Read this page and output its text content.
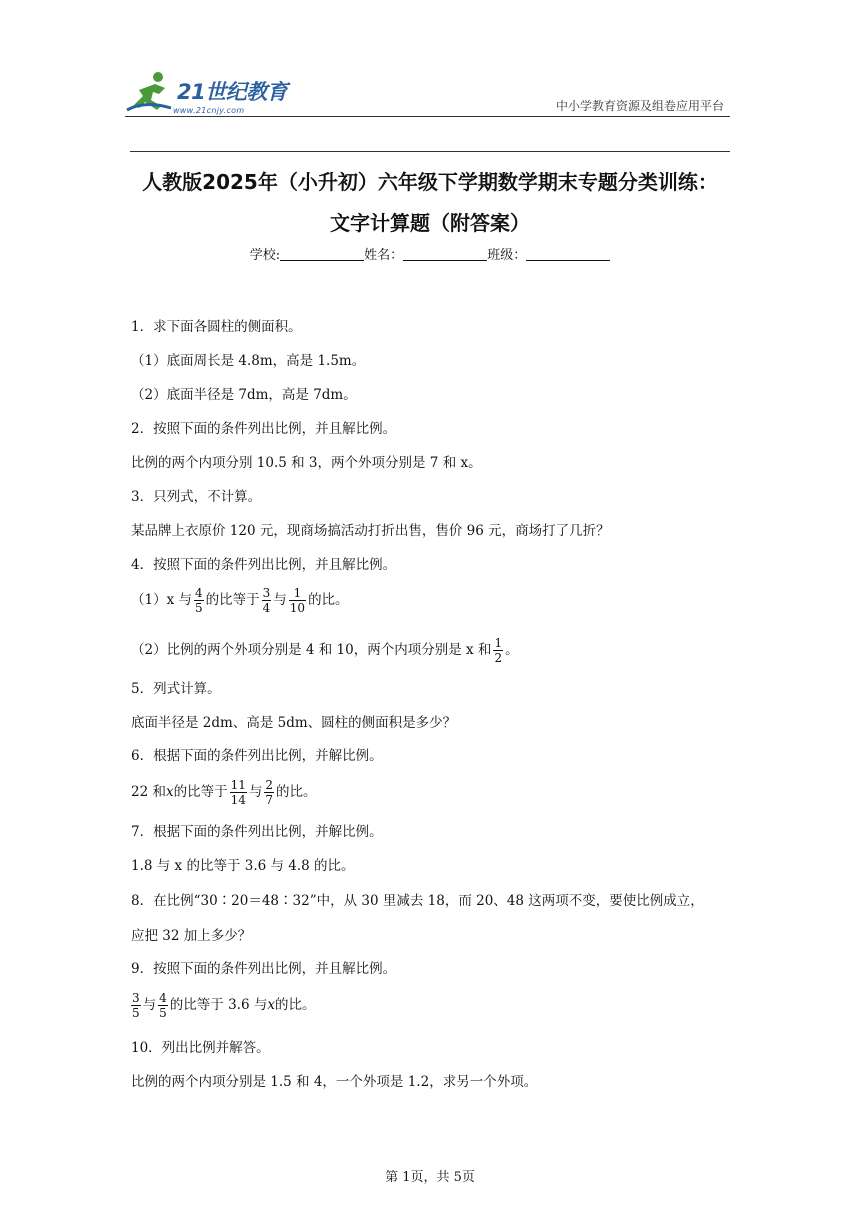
21世纪教育
www.21cnjy.com	中小学教育资源及组卷应用平台
人教版2025年（小升初）六年级下学期数学期末专题分类训练：
文字计算题（附答案）
学校:	姓名：	班级：
1．求下面各圆柱的侧面积。
（1）底面周长是 4.8m，高是 1.5m。
（2）底面半径是 7dm，高是 7dm。
2．按照下面的条件列出比例，并且解比例。
比例的两个内项分别 10.5 和 3，两个外项分别是 7 和 x。
3．只列式，不计算。
某品牌上衣原价 120 元，现商场搞活动打折出售，售价 96 元，商场打了几折？
4．按照下面的条件列出比例，并且解比例。
（1）x 与 $\frac{4}{5}$ 的比等于 $\frac{3}{4}$ 与 $\frac{1}{10}$ 的比。
（2）比例的两个外项分别是 4 和 10，两个内项分别是 x 和 $\frac{1}{2}$ 。
5．列式计算。
底面半径是 2dm、高是 5dm、圆柱的侧面积是多少？
6．根据下面的条件列出比例，并解比例。
22 和x的比等于 $\frac{11}{14}$ 与 $\frac{2}{7}$ 的比。
7．根据下面的条件列出比例，并解比例。
1.8 与 x 的比等于 3.6 与 4.8 的比。
8．在比例“30∶20＝48∶32”中，从 30 里减去 18，而 20、48 这两项不变，要使比例成立，
应把 32 加上多少？
9．按照下面的条件列出比例，并且解比例。
$\frac{3}{5}$ 与 $\frac{4}{5}$ 的比等于 3.6 与x的比。
10．列出比例并解答。
比例的两个内项分别是 1.5 和 4，一个外项是 1.2，求另一个外项。
第 1页，共 5页
